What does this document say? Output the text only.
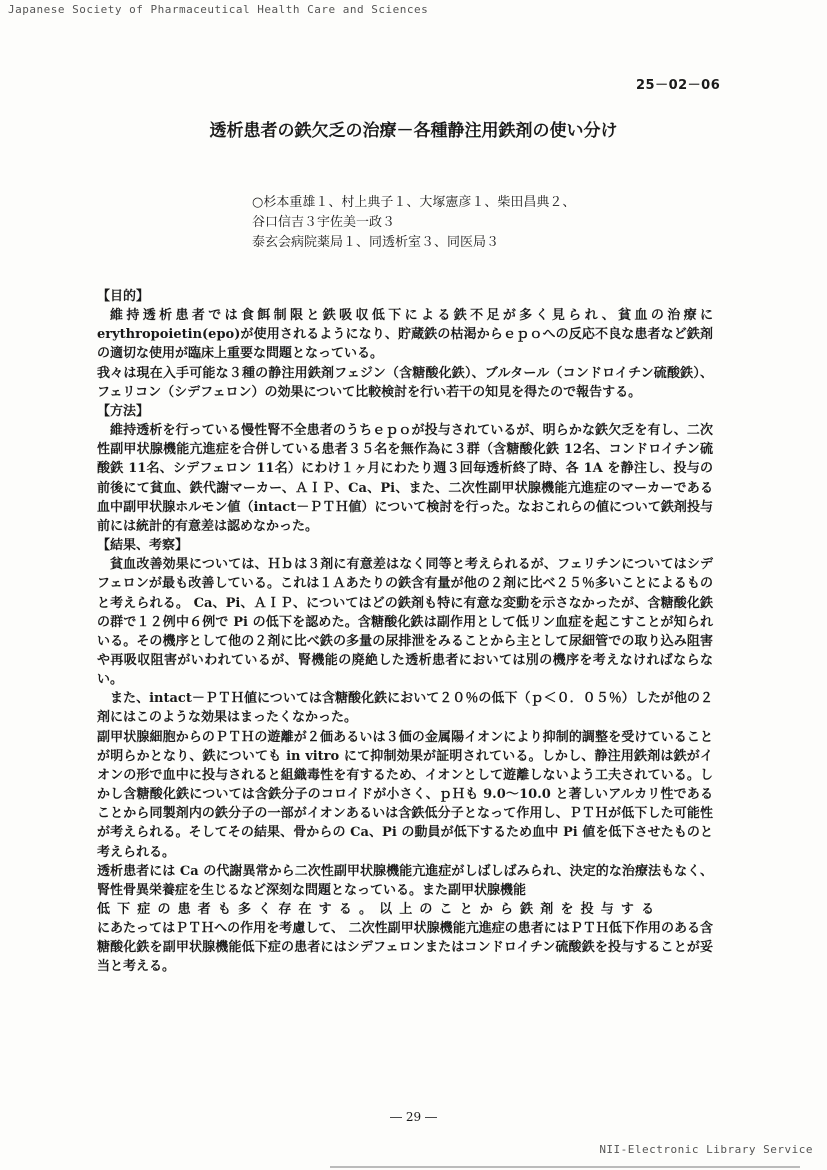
Japanese Society of Pharmaceutical Health Care and Sciences
25－02－06
透析患者の鉄欠乏の治療－各種静注用鉄剤の使い分け
○杉本重雄１、村上典子１、大塚憲彦１、柴田昌典２、
谷口信吉３宇佐美一政３
泰玄会病院薬局１、同透析室３、同医局３
【目的】
維持透析患者では食餌制限と鉄吸収低下による鉄不足が多く見られ、貧血の治療にerythropoietin(epo)が使用されるようになり、貯蔵鉄の枯渇からｅｐｏへの反応不良な患者など鉄剤の適切な使用が臨床上重要な問題となっている。
我々は現在入手可能な３種の静注用鉄剤フェジン（含糖酸化鉄）、ブルタール（コンドロイチン硫酸鉄）、フェリコン（シデフェロン）の効果について比較検討を行い若干の知見を得たので報告する。
【方法】
維持透析を行っている慢性腎不全患者のうちｅｐｏが投与されているが、明らかな鉄欠乏を有し、二次性副甲状腺機能亢進症を合併している患者３５名を無作為に３群（含糖酸化鉄 12名、コンドロイチン硫酸鉄 11名、シデフェロン 11名）にわけ１ヶ月にわたり週３回毎透析終了時、各 1A を静注し、投与の前後にて貧血、鉄代謝マーカー、ＡＩＰ、Ca、Pi、また、二次性副甲状腺機能亢進症のマーカーである血中副甲状腺ホルモン値（intact－ＰＴＨ値）について検討を行った。なおこれらの値について鉄剤投与前には統計的有意差は認めなかった。
【結果、考察】
貧血改善効果については、Ｈｂは３剤に有意差はなく同等と考えられるが、フェリチンについてはシデフェロンが最も改善している。これは１Ａあたりの鉄含有量が他の２剤に比べ２５％多いことによるものと考えられる。 Ca、Pi、ＡＩＰ、についてはどの鉄剤も特に有意な変動を示さなかったが、含糖酸化鉄の群で１２例中６例で Pi の低下を認めた。含糖酸化鉄は副作用として低リン血症を起こすことが知られいる。その機序として他の２剤に比べ鉄の多量の尿排泄をみることから主として尿細管での取り込み阻害や再吸収阻害がいわれているが、腎機能の廃絶した透析患者においては別の機序を考えなければならない。
また、intact－ＰＴＨ値については含糖酸化鉄において２０％の低下（ｐ＜０．０５％）したが他の２剤にはこのような効果はまったくなかった。
副甲状腺細胞からのＰＴＨの遊離が２価あるいは３価の金属陽イオンにより抑制的調整を受けていることが明らかとなり、鉄についても in vitro にて抑制効果が証明されている。しかし、静注用鉄剤は鉄がイオンの形で血中に投与されると組織毒性を有するため、イオンとして遊離しないよう工夫されている。しかし含糖酸化鉄については含鉄分子のコロイドが小さく、ｐＨも 9.0～10.0 と著しいアルカリ性であることから同製剤内の鉄分子の一部がイオンあるいは含鉄低分子となって作用し、ＰＴＨが低下した可能性が考えられる。そしてその結果、骨からの Ca、Pi の動員が低下するため血中 Pi 値を低下させたものと考えられる。
透析患者には Ca の代謝異常から二次性副甲状腺機能亢進症がしばしばみられ、決定的な治療法もなく、腎性骨異栄養症を生じるなど深刻な問題となっている。また副甲状腺機能
低下症の患者も多く存在する。以上のことから鉄剤を投与する
にあたってはＰＴＨへの作用を考慮して、 二次性副甲状腺機能亢進症の患者にはＰＴＨ低下作用のある含糖酸化鉄を副甲状腺機能低下症の患者にはシデフェロンまたはコンドロイチン硫酸鉄を投与することが妥当と考える。
― 29 ―
NII-Electronic Library Service
